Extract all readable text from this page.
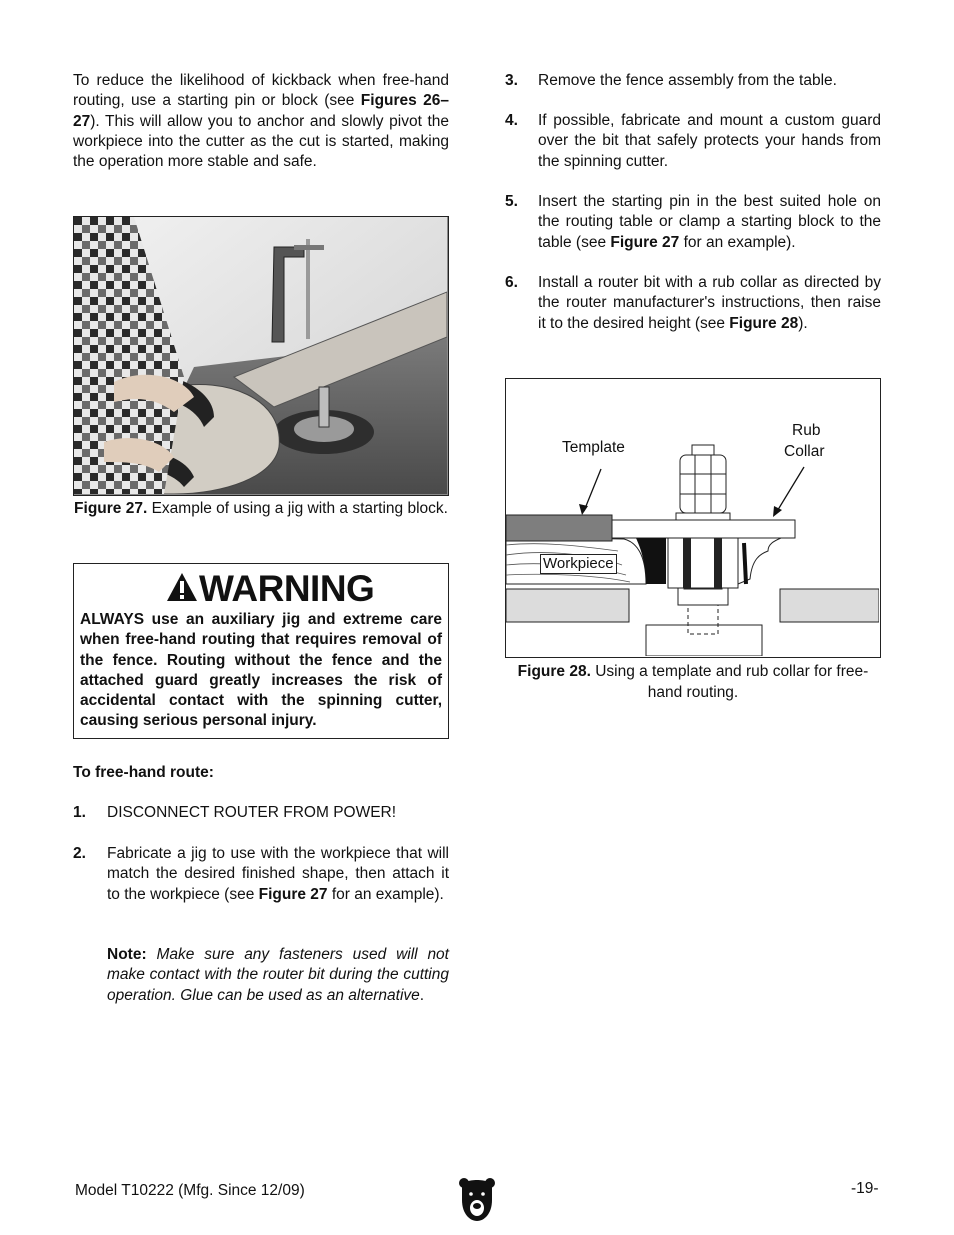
To reduce the likelihood of kickback when free-hand routing, use a starting pin or block (see Figures 26–27). This will allow you to anchor and slowly pivot the workpiece into the cutter as the cut is started, making the operation more stable and safe.
Figure 27. Example of using a jig with a starting block.
WARNING
ALWAYS use an auxiliary jig and extreme care when free-hand routing that requires removal of the fence. Routing without the fence and the attached guard greatly increases the risk of accidental contact with the spinning cutter, causing serious personal injury.
To free-hand route:
1. DISCONNECT ROUTER FROM POWER!
2. Fabricate a jig to use with the workpiece that will match the desired finished shape, then attach it to the workpiece (see Figure 27 for an example).
Note: Make sure any fasteners used will not make contact with the router bit during the cutting operation. Glue can be used as an alternative.
3. Remove the fence assembly from the table.
4. If possible, fabricate and mount a custom guard over the bit that safely protects your hands from the spinning cutter.
5. Insert the starting pin in the best suited hole on the routing table or clamp a starting block to the table (see Figure 27 for an example).
6. Install a router bit with a rub collar as directed by the router manufacturer's instructions, then raise it to the desired height (see Figure 28).
Template
Rub
Collar
Workpiece
Figure 28. Using a template and rub collar for free-hand routing.
Model T10222 (Mfg. Since 12/09)	-19-
